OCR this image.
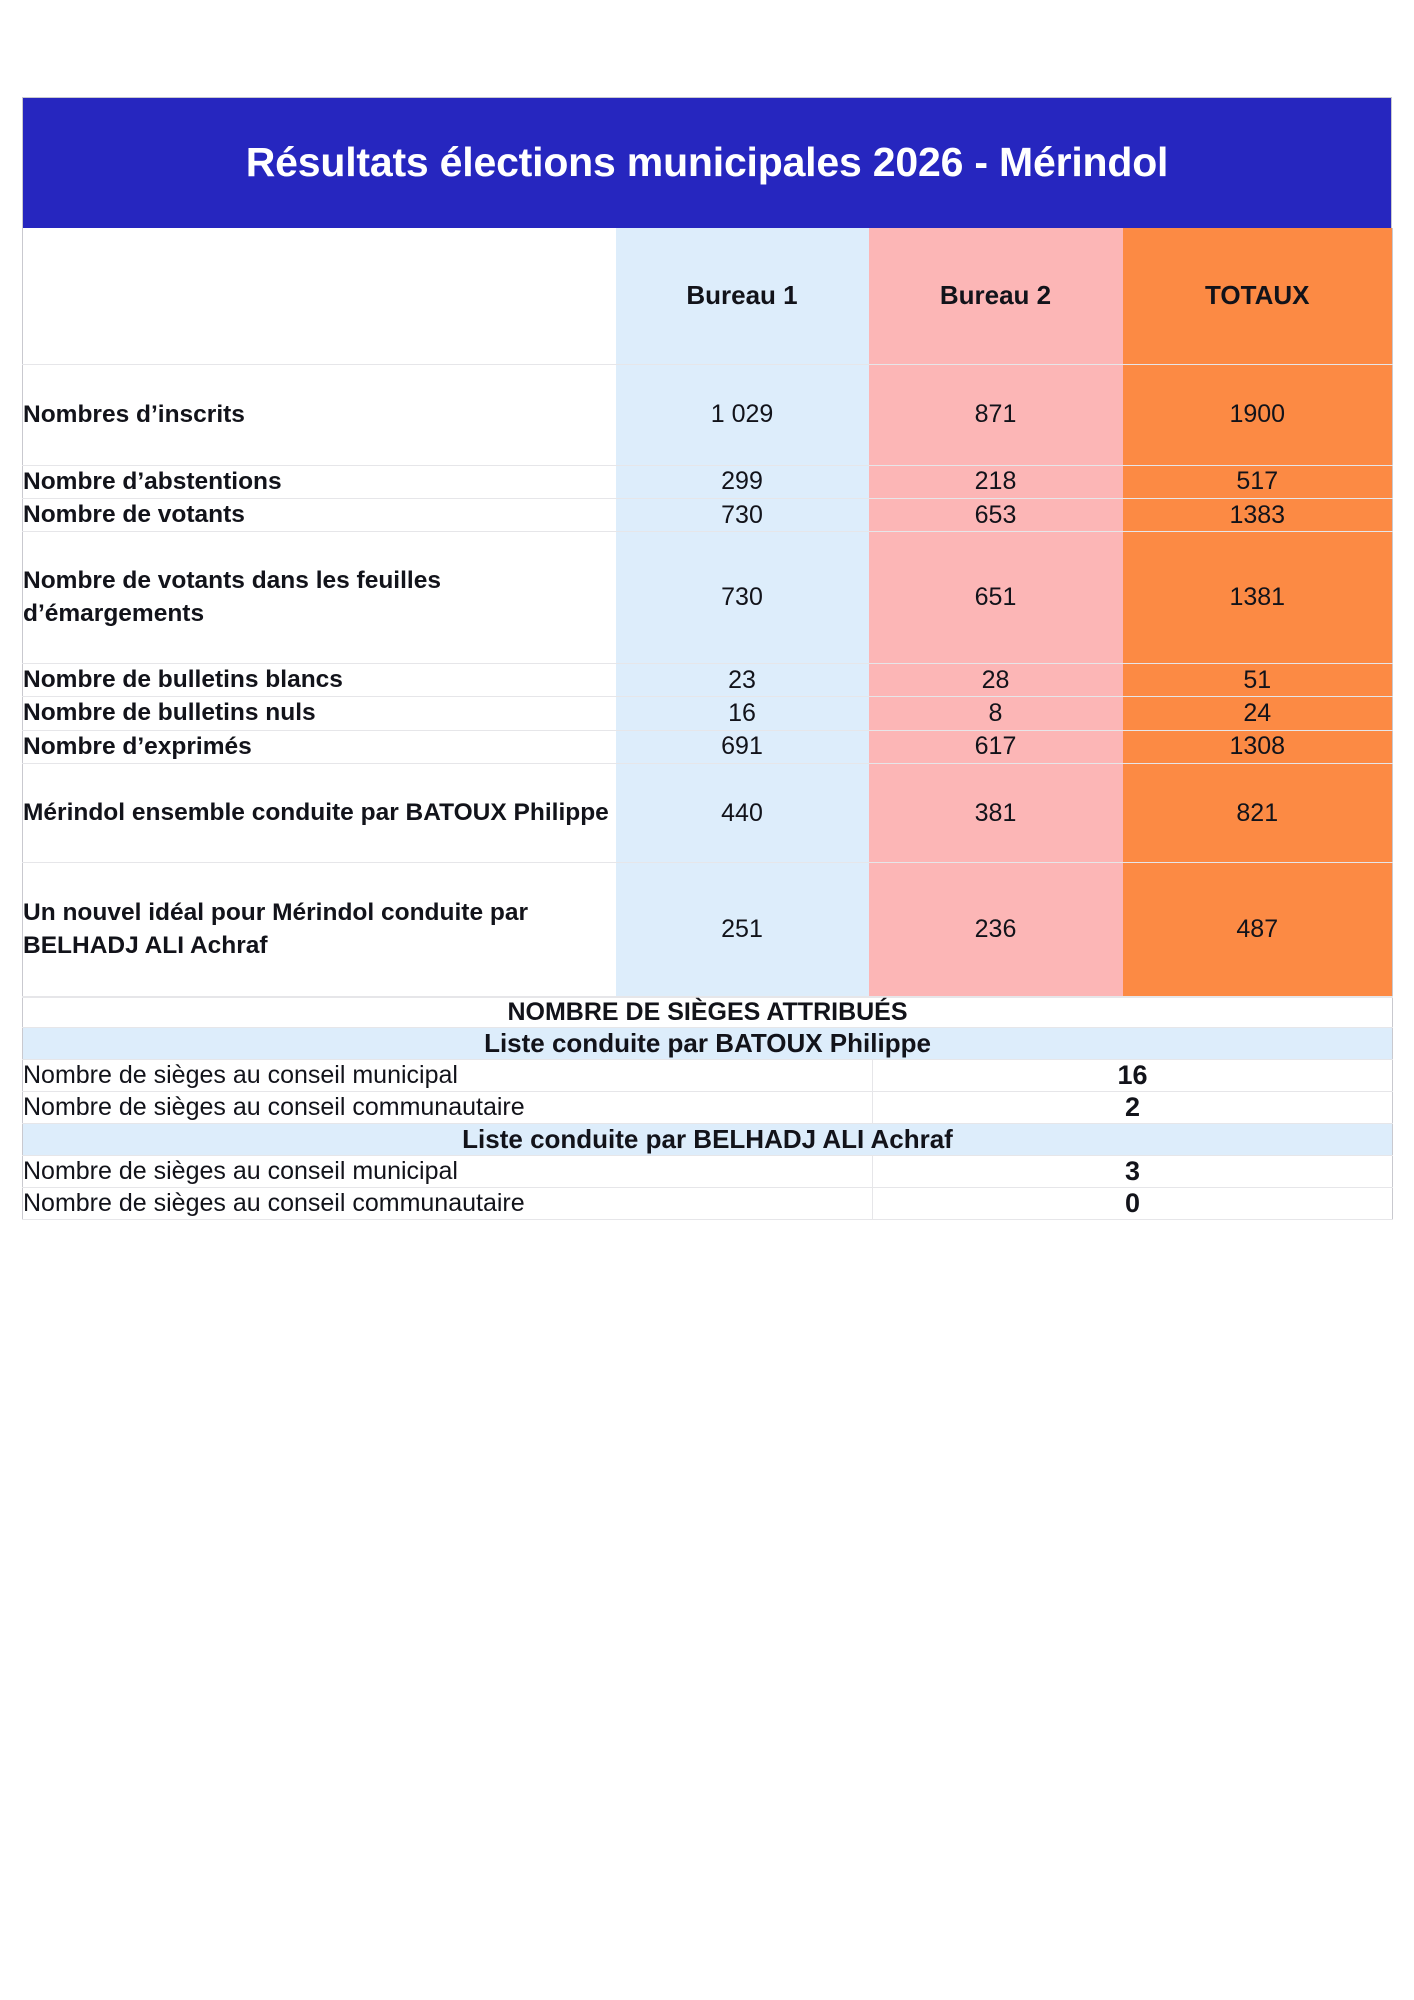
Résultats élections municipales 2026 - Mérindol
	Bureau 1	Bureau 2	TOTAUX
Nombres d’inscrits	1 029	871	1900
Nombre d’abstentions	299	218	517
Nombre de votants	730	653	1383
Nombre de votants dans les feuilles d’émargements	730	651	1381
Nombre de bulletins blancs	23	28	51
Nombre de bulletins nuls	16	8	24
Nombre d’exprimés	691	617	1308
Mérindol ensemble conduite par BATOUX Philippe	440	381	821
Un nouvel idéal pour Mérindol conduite par BELHADJ ALI Achraf	251	236	487
NOMBRE DE SIÈGES ATTRIBUÉS	
Liste conduite par BATOUX Philippe	
Nombre de sièges au conseil municipal	16
Nombre de sièges au conseil communautaire	2
Liste conduite par BELHADJ ALI Achraf	
Nombre de sièges au conseil municipal	3
Nombre de sièges au conseil communautaire	0
